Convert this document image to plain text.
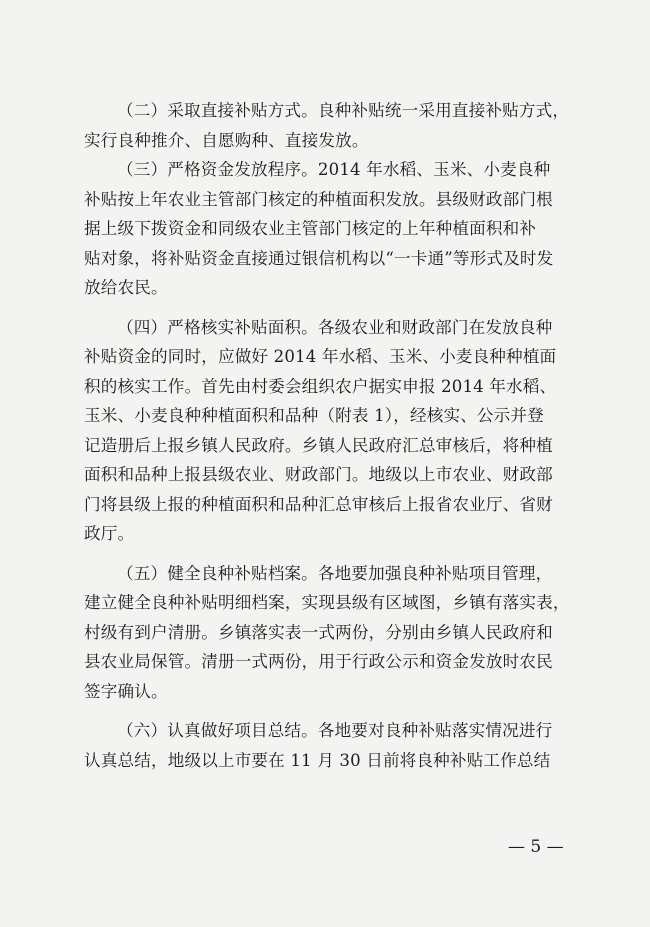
（二）采取直接补贴方式。良种补贴统一采用直接补贴方式，
实行良种推介、自愿购种、直接发放。
（三）严格资金发放程序。2014 年水稻、玉米、小麦良种
补贴按上年农业主管部门核定的种植面积发放。县级财政部门根
据上级下拨资金和同级农业主管部门核定的上年种植面积和补
贴对象，将补贴资金直接通过银信机构以“一卡通”等形式及时发
放给农民。
（四）严格核实补贴面积。各级农业和财政部门在发放良种
补贴资金的同时，应做好 2014 年水稻、玉米、小麦良种种植面
积的核实工作。首先由村委会组织农户据实申报 2014 年水稻、
玉米、小麦良种种植面积和品种（附表 1），经核实、公示并登
记造册后上报乡镇人民政府。乡镇人民政府汇总审核后，将种植
面积和品种上报县级农业、财政部门。地级以上市农业、财政部
门将县级上报的种植面积和品种汇总审核后上报省农业厅、省财
政厅。
（五）健全良种补贴档案。各地要加强良种补贴项目管理，
建立健全良种补贴明细档案，实现县级有区域图，乡镇有落实表，
村级有到户清册。乡镇落实表一式两份，分别由乡镇人民政府和
县农业局保管。清册一式两份，用于行政公示和资金发放时农民
签字确认。
（六）认真做好项目总结。各地要对良种补贴落实情况进行
认真总结，地级以上市要在 11 月 30 日前将良种补贴工作总结
— 5 —
